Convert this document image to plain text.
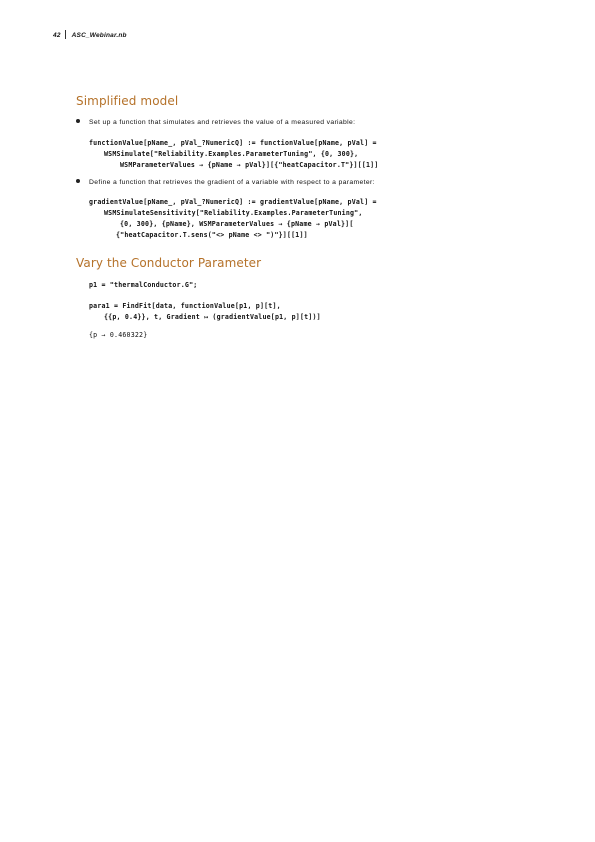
42 ASC_Webinar.nb
Simplified model
Set up a function that simulates and retrieves the value of a measured variable:
functionValue[pName_, pVal_?NumericQ] := functionValue[pName, pVal] =
WSMSimulate["Reliability.Examples.ParameterTuning", {0, 300},
WSMParameterValues → {pName → pVal}][{"heatCapacitor.T"}][[1]]
Define a function that retrieves the gradient of a variable with respect to a parameter:
gradientValue[pName_, pVal_?NumericQ] := gradientValue[pName, pVal] =
WSMSimulateSensitivity["Reliability.Examples.ParameterTuning",
{0, 300}, {pName}, WSMParameterValues → {pName → pVal}][
{"heatCapacitor.T.sens("<> pName <> ")"}][[1]]
Vary the Conductor Parameter
p1 = "thermalConductor.G";
para1 = FindFit[data, functionValue[p1, p][t],
{{p, 0.4}}, t, Gradient ↦ (gradientValue[p1, p][t])]
{p → 0.460322}
